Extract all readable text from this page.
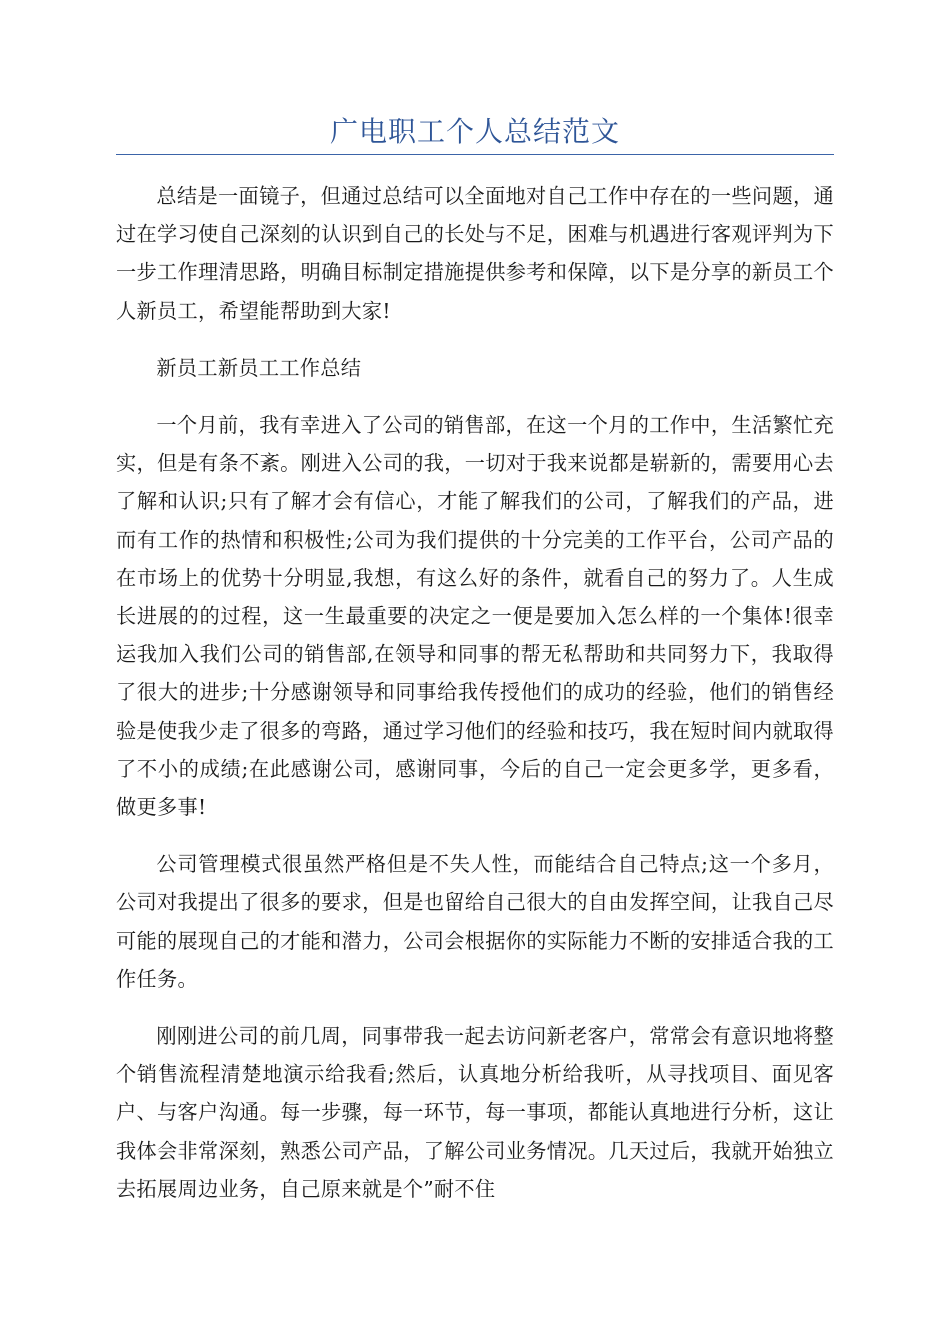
广电职工个人总结范文

总结是一面镜子，但通过总结可以全面地对自己工作中存在的一些问题，通过在学习使自己深刻的认识到自己的长处与不足，困难与机遇进行客观评判为下一步工作理清思路，明确目标制定措施提供参考和保障，以下是分享的新员工个人新员工，希望能帮助到大家!

新员工新员工工作总结

一个月前，我有幸进入了公司的销售部，在这一个月的工作中，生活繁忙充实，但是有条不紊。刚进入公司的我，一切对于我来说都是崭新的，需要用心去了解和认识;只有了解才会有信心，才能了解我们的公司，了解我们的产品，进而有工作的热情和积极性;公司为我们提供的十分完美的工作平台，公司产品的在市场上的优势十分明显,我想，有这么好的条件，就看自己的努力了。人生成长进展的的过程，这一生最重要的决定之一便是要加入怎么样的一个集体!很幸运我加入我们公司的销售部,在领导和同事的帮无私帮助和共同努力下，我取得了很大的进步;十分感谢领导和同事给我传授他们的成功的经验，他们的销售经验是使我少走了很多的弯路，通过学习他们的经验和技巧，我在短时间内就取得了不小的成绩;在此感谢公司，感谢同事，今后的自己一定会更多学，更多看，做更多事!

公司管理模式很虽然严格但是不失人性，而能结合自己特点;这一个多月，公司对我提出了很多的要求，但是也留给自己很大的自由发挥空间，让我自己尽可能的展现自己的才能和潜力，公司会根据你的实际能力不断的安排适合我的工作任务。

刚刚进公司的前几周，同事带我一起去访问新老客户，常常会有意识地将整个销售流程清楚地演示给我看;然后，认真地分析给我听，从寻找项目、面见客户、与客户沟通。每一步骤，每一环节，每一事项，都能认真地进行分析，这让我体会非常深刻，熟悉公司产品，了解公司业务情况。几天过后，我就开始独立去拓展周边业务，自己原来就是个”耐不住
